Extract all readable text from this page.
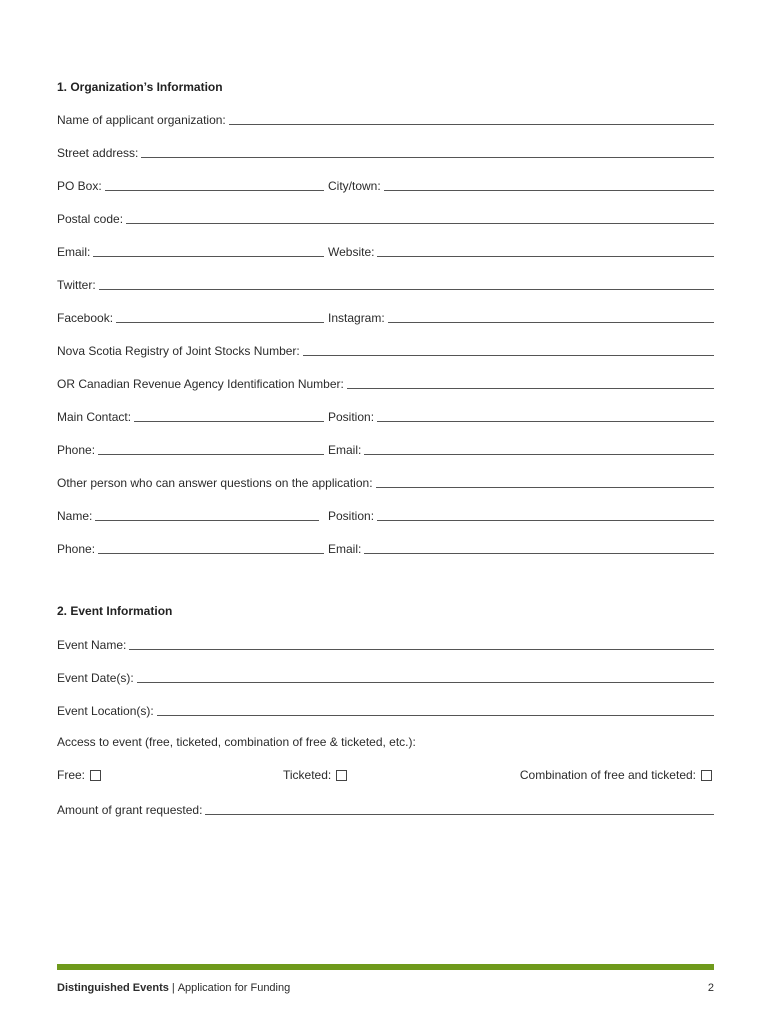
1. Organization’s Information
Name of applicant organization:
Street address:
PO Box:	City/town:
Postal code:
Email:	Website:
Twitter:
Facebook:	Instagram:
Nova Scotia Registry of Joint Stocks Number:
OR Canadian Revenue Agency Identification Number:
Main Contact:	Position:
Phone:	Email:
Other person who can answer questions on the application:
Name:	Position:
Phone:	Email:
2. Event Information
Event Name:
Event Date(s):
Event Location(s):
Access to event (free, ticketed, combination of free & ticketed, etc.):
Free:	Ticketed:	Combination of free and ticketed:
Amount of grant requested:
Distinguished Events | Application for Funding	2
